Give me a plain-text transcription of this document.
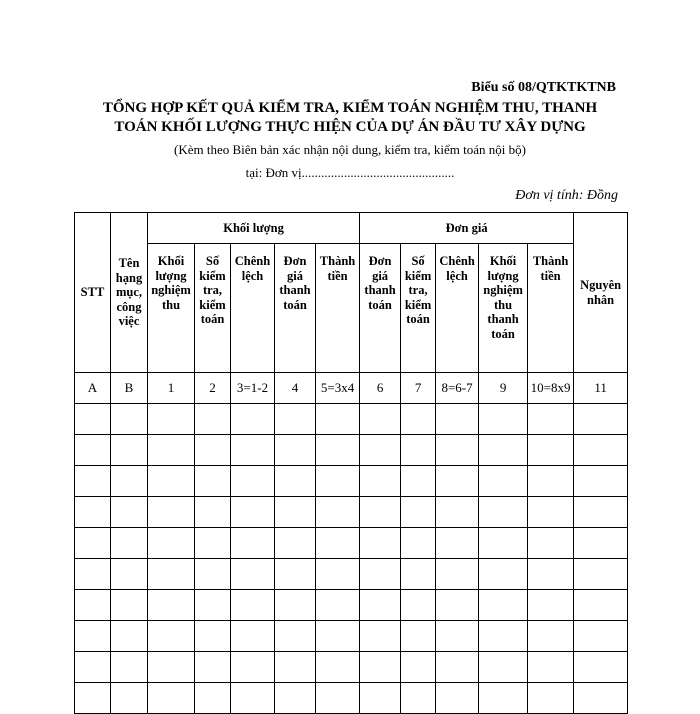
Biểu số 08/QTKTKTNB
TỔNG HỢP KẾT QUẢ KIỂM TRA, KIỂM TOÁN NGHIỆM THU, THANH
TOÁN KHỐI LƯỢNG THỰC HIỆN CỦA DỰ ÁN ĐẦU TƯ XÂY DỰNG
(Kèm theo Biên bản xác nhận nội dung, kiểm tra, kiểm toán nội bộ)
tại: Đơn vị...............................................
Đơn vị tính: Đồng
STT	Tên hạng mục, công việc	Khối lượng					Đơn giá					Nguyên nhân
		Khối lượng nghiệm thu	Số kiểm tra, kiểm toán	Chênh lệch	Đơn giá thanh toán	Thành tiền	Đơn giá thanh toán	Số kiểm tra, kiểm toán	Chênh lệch	Khối lượng nghiệm thu thanh toán	Thành tiền	
A	B	1	2	3=1-2	4	5=3x4	6	7	8=6-7	9	10=8x9	11
